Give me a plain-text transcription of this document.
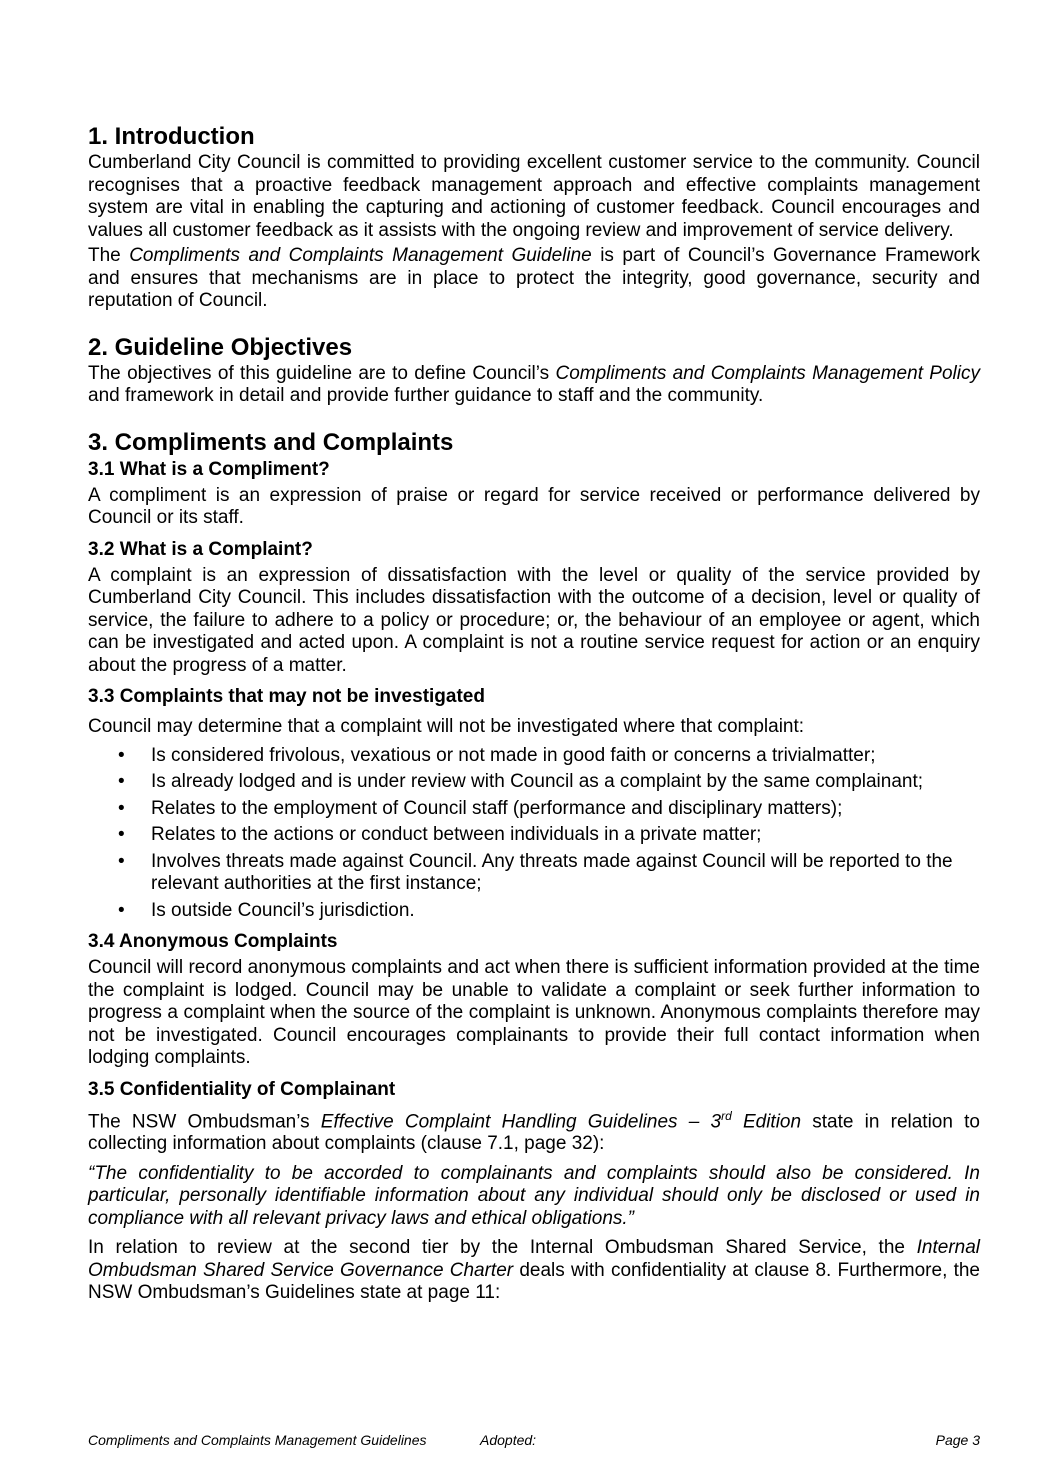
1. Introduction

Cumberland City Council is committed to providing excellent customer service to the community. Council recognises that a proactive feedback management approach and effective complaints management system are vital in enabling the capturing and actioning of customer feedback. Council encourages and values all customer feedback as it assists with the ongoing review and improvement of service delivery.

The Compliments and Complaints Management Guideline is part of Council’s Governance Framework and ensures that mechanisms are in place to protect the integrity, good governance, security and reputation of Council.

2. Guideline Objectives

The objectives of this guideline are to define Council’s Compliments and Complaints Management Policy and framework in detail and provide further guidance to staff and the community.

3. Compliments and Complaints
3.1 What is a Compliment?

A compliment is an expression of praise or regard for service received or performance delivered by Council or its staff.

3.2 What is a Complaint?

A complaint is an expression of dissatisfaction with the level or quality of the service provided by Cumberland City Council. This includes dissatisfaction with the outcome of a decision, level or quality of service, the failure to adhere to a policy or procedure; or, the behaviour of an employee or agent, which can be investigated and acted upon. A complaint is not a routine service request for action or an enquiry about the progress of a matter.

3.3 Complaints that may not be investigated

Council may determine that a complaint will not be investigated where that complaint:

• Is considered frivolous, vexatious or not made in good faith or concerns a trivialmatter;
• Is already lodged and is under review with Council as a complaint by the same complainant;
• Relates to the employment of Council staff (performance and disciplinary matters);
• Relates to the actions or conduct between individuals in a private matter;
• Involves threats made against Council. Any threats made against Council will be reported to the relevant authorities at the first instance;
• Is outside Council’s jurisdiction.
3.4 Anonymous Complaints

Council will record anonymous complaints and act when there is sufficient information provided at the time the complaint is lodged. Council may be unable to validate a complaint or seek further information to progress a complaint when the source of the complaint is unknown. Anonymous complaints therefore may not be investigated. Council encourages complainants to provide their full contact information when lodging complaints.

3.5 Confidentiality of Complainant

The NSW Ombudsman’s Effective Complaint Handling Guidelines – 3rd Edition state in relation to collecting information about complaints (clause 7.1, page 32):

“The confidentiality to be accorded to complainants and complaints should also be considered. In particular, personally identifiable information about any individual should only be disclosed or used in compliance with all relevant privacy laws and ethical obligations.”

In relation to review at the second tier by the Internal Ombudsman Shared Service, the Internal Ombudsman Shared Service Governance Charter deals with confidentiality at clause 8. Furthermore, the NSW Ombudsman’s Guidelines state at page 11:

Compliments and Complaints Management Guidelines	Adopted:	Page 3
